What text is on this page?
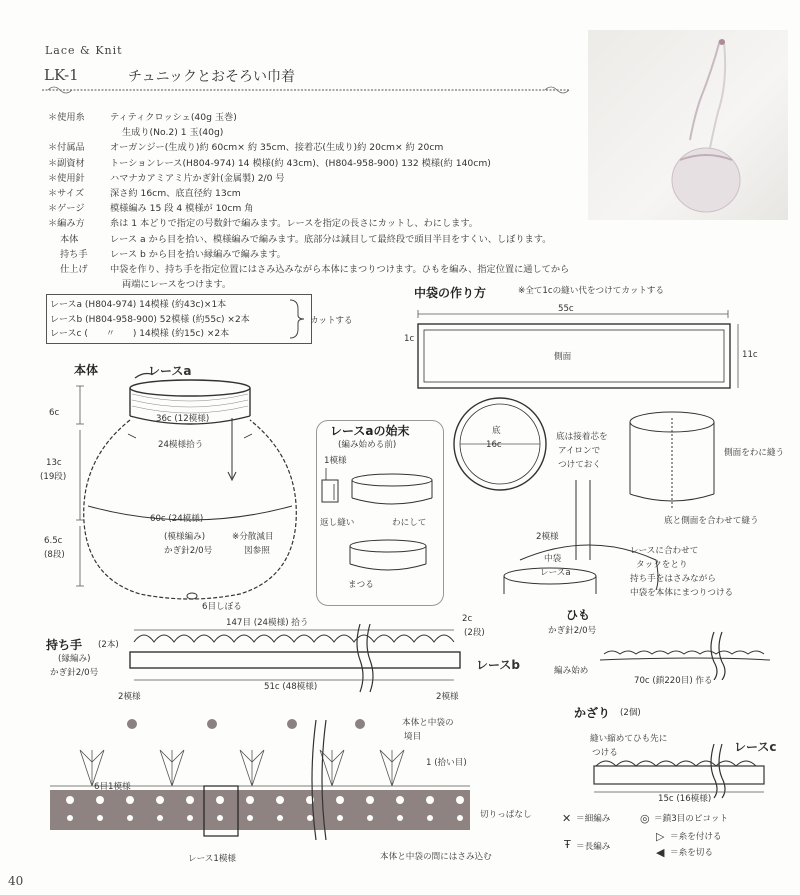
Lace & Knit
LK-1	チュニックとおそろい巾着
＊使用糸	ティティクロッシェ(40g 玉巻)
生成り(No.2) 1 玉(40g)
＊付属品	オーガンジー(生成り)約 60cm× 約 35cm、接着芯(生成り)約 20cm× 約 20cm
＊副資材	トーションレース(H804-974) 14 模様(約 43cm)、(H804-958-900) 132 模様(約 140cm)
＊使用針	ハマナカアミアミ片かぎ針(金属製) 2/0 号
＊サイズ	深さ約 16cm、底直径約 13cm
＊ゲージ	模様編み 15 段 4 模様が 10cm 角
＊編み方	糸は 1 本どりで指定の号数針で編みます。レースを指定の長さにカットし、わにします。
本体	レース a から目を拾い、模様編みで編みます。底部分は減目して最終段で頭目半目をすくい、しぼります。
持ち手 レース b から目を拾い縁編みで編みます。
仕上げ 中袋を作り、持ち手を指定位置にはさみ込みながら本体にまつりつけます。ひもを編み、指定位置に通してから
両端にレースをつけます。
レースa (H804-974) 14模様 (約43c)×1本
レースb (H804-958-900) 52模様 (約55c) ×2本
レースc (　　〃　　) 14模様 (約15c) ×2本
カットする
本体	レースa
36c (12模様)
24模様拾う
6c
13c
(19段)
6.5c
(8段)
60c (24模様)
(模様編み)
かぎ針2/0号
※分散減目
図参照
6目しぼる
レースaの始末
(編み始める前)
1模様
返し縫い	わにして
まつる
中袋の作り方	※全て1cの縫い代をつけてカットする
55c
1c
側面	11c
底
16c
底は接着芯を
アイロンで
つけておく
側面をわに縫う
底と側面を合わせて縫う
2模様
中袋
レースa
レースに合わせて
タックをとり
持ち手をはさみながら
中袋を本体にまつりつける
持ち手 (2本)
(縁編み)
かぎ針2/0号
147目 (24模様) 拾う	2c
(2段)
レースb
2模様
51c (48模様)
2模様
ひも
かぎ針2/0号
編み始め
70c (鎖220目) 作る
かざり (2個)
縫い縮めてひも先に
つける	レースc
15c (16模様)
6目1模様
本体と中袋の
境目
1 (拾い目)
切りっぱなし
レース1模様	本体と中袋の間にはさみ込む
✕ ＝細編み
Ŧ ＝長編み
◎ ＝鎖3目のピコット
▷ ＝糸を付ける
◀ ＝糸を切る
40
